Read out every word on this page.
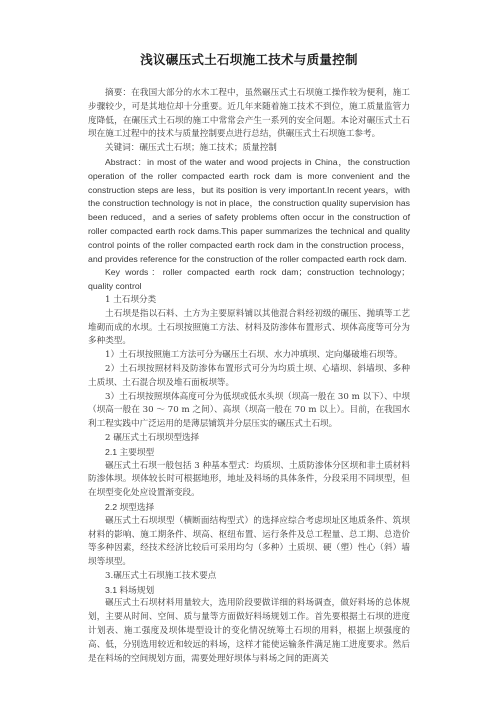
浅议碾压式土石坝施工技术与质量控制

摘要：在我国大部分的水木工程中，虽然碾压式土石坝施工操作较为便利，施工步骤较少，可是其地位却十分重要。近几年来随着施工技术不到位，施工质量监管力度降低，在碾压式土石坝的施工中常常会产生一系列的安全问题。本论对碾压式土石坝在施工过程中的技术与质量控制要点进行总结，供碾压式土石坝施工参考。

关键词：碾压式土石坝；施工技术；质量控制

Abstract：in most of the water and wood projects in China，the construction operation of the roller compacted earth rock dam is more convenient and the construction steps are less，but its position is very important.In recent years，with the construction technology is not in place，the construction quality supervision has been reduced，and a series of safety problems often occur in the construction of roller compacted earth rock dams.This paper summarizes the technical and quality control points of the roller compacted earth rock dam in the construction process，and provides reference for the construction of the roller compacted earth rock dam.

Key words：roller compacted earth rock dam；construction technology；quality control

1 土石坝分类

土石坝是指以石料、土方为主要原料铺以其他混合料经初级的碾压、抛填等工艺堆砌而成的水坝。土石坝按照施工方法、材料及防渗体布置形式、坝体高度等可分为多种类型。

1）土石坝按照施工方法可分为碾压土石坝、水力冲填坝、定向爆破堆石坝等。

2）土石坝按照材料及防渗体布置形式可分为均质土坝、心墙坝、斜墙坝、多种土质坝、土石混合坝及堆石面板坝等。

3）土石坝按照坝体高度可分为低坝或低水头坝（坝高一般在 30 m 以下）、中坝（坝高一般在 30 ～ 70 m 之间）、高坝（坝高一般在 70 m 以上）。目前，在我国水利工程实践中广泛运用的是薄层铺筑并分层压实的碾压式土石坝。

2 碾压式土石坝坝型选择

2.1 主要坝型

碾压式土石坝一般包括 3 种基本型式：均质坝、土质防渗体分区坝和非土质材料防渗体坝。坝体较长时可根据地形，地址及料场的具体条件，分段采用不同坝型，但在坝型变化处应设置渐变段。

2.2 坝型选择

碾压式土石坝坝型（横断面结构型式）的选择应综合考虑坝址区地质条件、筑坝材料的影响、施工期条件、坝高、枢纽布置、运行条件及总工程量、总工期、总造价等多种因素，经技术经济比较后可采用均匀（多种）土质坝、硬（塑）性心（斜）墙坝等坝型。

3.碾压式土石坝施工技术要点

3.1 料场规划

碾压式土石坝材料用量较大，选用阶段要做详细的料场调查，做好料场的总体规划，主要从时间、空间、质与量等方面做好料场规划工作。首先要根据土石坝的进度计划表、施工强度及坝体堤型设计的变化情况统筹土石坝的用料，根据上坝强度的高、低，分别选用较近和较远的料场，这样才能使运输条件满足施工进度要求。然后是在料场的空间规划方面，需要处理好坝体与料场之间的距离关
